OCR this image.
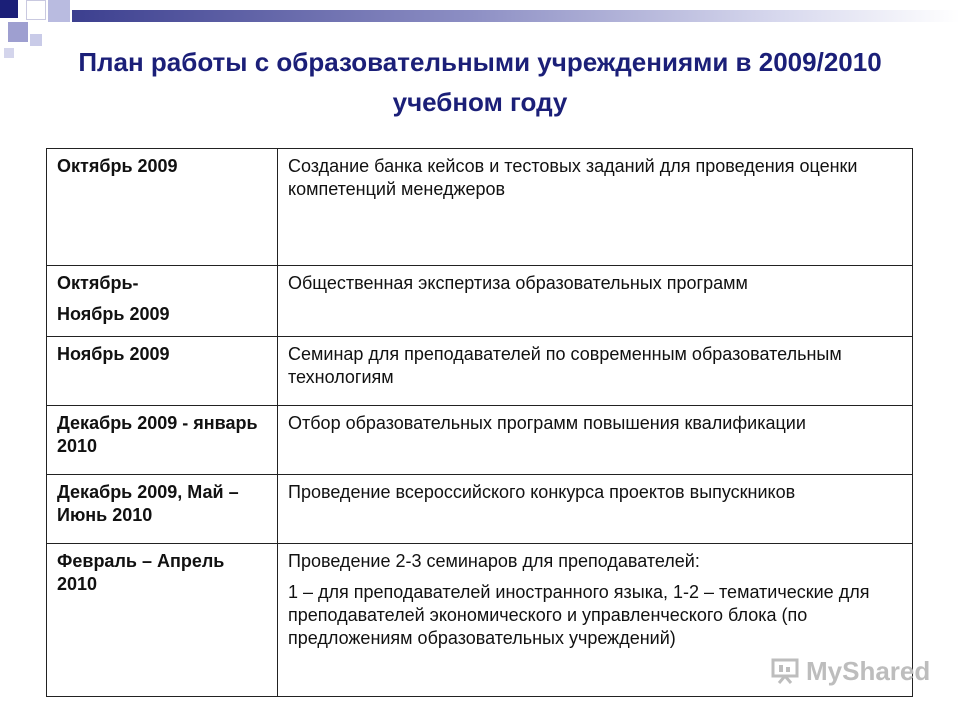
План работы с образовательными учреждениями в 2009/2010 учебном году
Октябрь 2009	Создание банка кейсов и тестовых заданий для проведения оценки компетенций менеджеров

Октябрь-
Ноябрь 2009	Общественная экспертиза образовательных программ

Ноябрь 2009	Семинар для преподавателей по современным образовательным технологиям

Декабрь 2009 - январь 2010	Отбор образовательных программ повышения квалификации

Декабрь 2009, Май – Июнь 2010	Проведение всероссийского конкурса проектов выпускников

Февраль – Апрель 2010	Проведение 2-3 семинаров для преподавателей:
1 – для преподавателей иностранного языка, 1-2 – тематические для преподавателей экономического и управленческого блока (по предложениям образовательных учреждений)
MyShared
